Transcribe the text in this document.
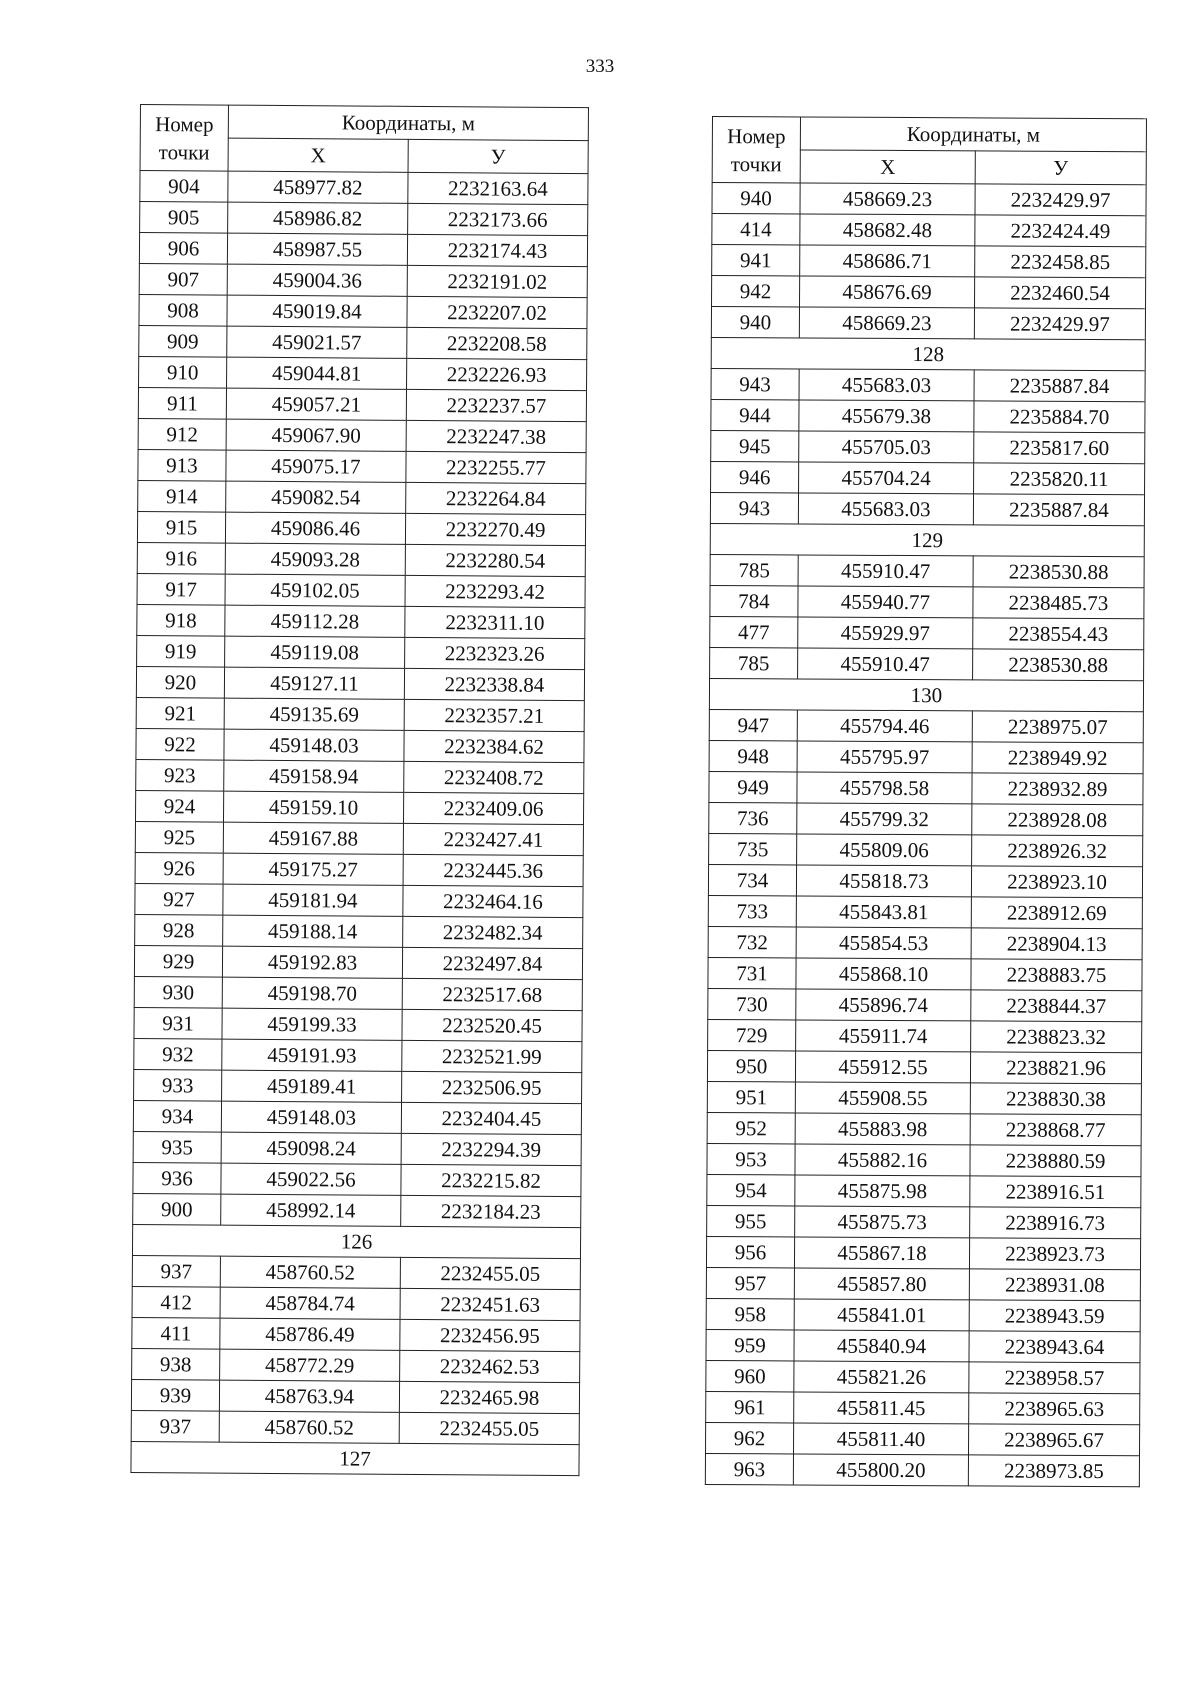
333
Номер
точки	Координаты, м	
	X	У
904	458977.82	2232163.64
905	458986.82	2232173.66
906	458987.55	2232174.43
907	459004.36	2232191.02
908	459019.84	2232207.02
909	459021.57	2232208.58
910	459044.81	2232226.93
911	459057.21	2232237.57
912	459067.90	2232247.38
913	459075.17	2232255.77
914	459082.54	2232264.84
915	459086.46	2232270.49
916	459093.28	2232280.54
917	459102.05	2232293.42
918	459112.28	2232311.10
919	459119.08	2232323.26
920	459127.11	2232338.84
921	459135.69	2232357.21
922	459148.03	2232384.62
923	459158.94	2232408.72
924	459159.10	2232409.06
925	459167.88	2232427.41
926	459175.27	2232445.36
927	459181.94	2232464.16
928	459188.14	2232482.34
929	459192.83	2232497.84
930	459198.70	2232517.68
931	459199.33	2232520.45
932	459191.93	2232521.99
933	459189.41	2232506.95
934	459148.03	2232404.45
935	459098.24	2232294.39
936	459022.56	2232215.82
900	458992.14	2232184.23
126		
937	458760.52	2232455.05
412	458784.74	2232451.63
411	458786.49	2232456.95
938	458772.29	2232462.53
939	458763.94	2232465.98
937	458760.52	2232455.05
127		
Номер
точки	Координаты, м	
	X	У
940	458669.23	2232429.97
414	458682.48	2232424.49
941	458686.71	2232458.85
942	458676.69	2232460.54
940	458669.23	2232429.97
128		
943	455683.03	2235887.84
944	455679.38	2235884.70
945	455705.03	2235817.60
946	455704.24	2235820.11
943	455683.03	2235887.84
129		
785	455910.47	2238530.88
784	455940.77	2238485.73
477	455929.97	2238554.43
785	455910.47	2238530.88
130		
947	455794.46	2238975.07
948	455795.97	2238949.92
949	455798.58	2238932.89
736	455799.32	2238928.08
735	455809.06	2238926.32
734	455818.73	2238923.10
733	455843.81	2238912.69
732	455854.53	2238904.13
731	455868.10	2238883.75
730	455896.74	2238844.37
729	455911.74	2238823.32
950	455912.55	2238821.96
951	455908.55	2238830.38
952	455883.98	2238868.77
953	455882.16	2238880.59
954	455875.98	2238916.51
955	455875.73	2238916.73
956	455867.18	2238923.73
957	455857.80	2238931.08
958	455841.01	2238943.59
959	455840.94	2238943.64
960	455821.26	2238958.57
961	455811.45	2238965.63
962	455811.40	2238965.67
963	455800.20	2238973.85
